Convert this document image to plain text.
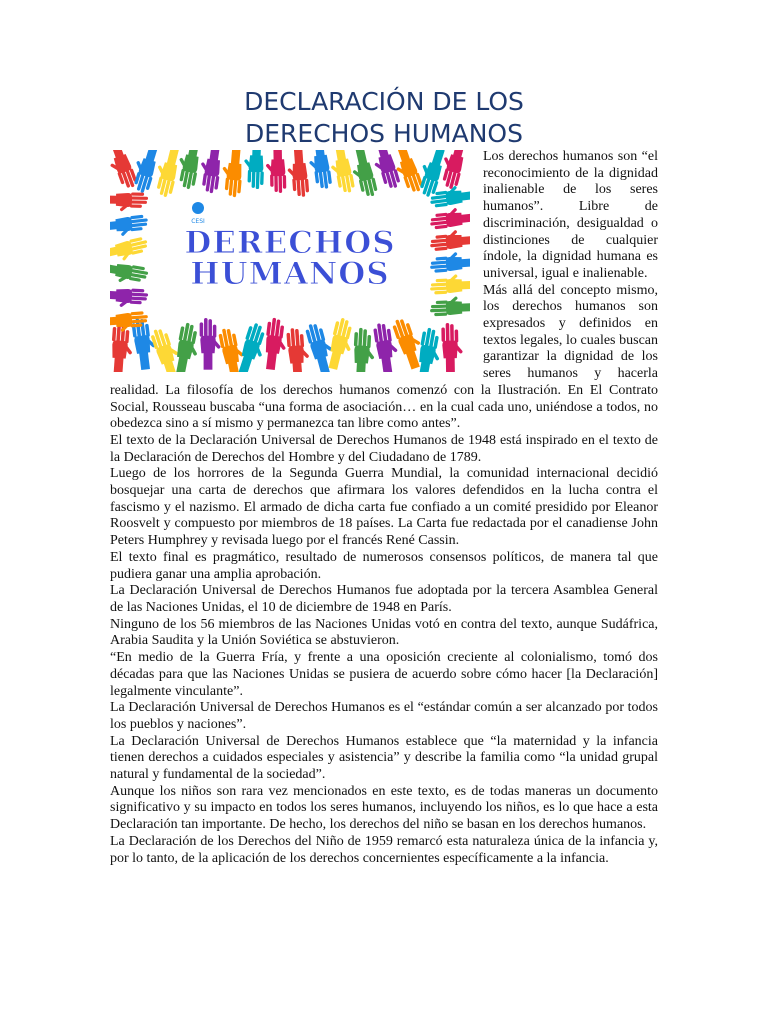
DECLARACIÓN DE LOS
DERECHOS HUMANOS
CESI
DERECHOS
HUMANOS

Los derechos humanos son “el reconocimiento de la dignidad inalienable de los seres humanos”. Libre de discriminación, desigualdad o distinciones de cualquier índole, la dignidad humana es universal, igual e inalienable.

Más allá del concepto mismo, los derechos humanos son expresados y definidos en textos legales, lo cuales buscan garantizar la dignidad de los seres humanos y hacerla realidad. La filosofía de los derechos humanos comenzó con la Ilustración. En El Contrato Social, Rousseau buscaba “una forma de asociación… en la cual cada uno, uniéndose a todos, no obedezca sino a sí mismo y permanezca tan libre como antes”.

El texto de la Declaración Universal de Derechos Humanos de 1948 está inspirado en el texto de la Declaración de Derechos del Hombre y del Ciudadano de 1789.

Luego de los horrores de la Segunda Guerra Mundial, la comunidad internacional decidió bosquejar una carta de derechos que afirmara los valores defendidos en la lucha contra el fascismo y el nazismo. El armado de dicha carta fue confiado a un comité presidido por Eleanor Roosvelt y compuesto por miembros de 18 países. La Carta fue redactada por el canadiense John Peters Humphrey y revisada luego por el francés René Cassin.

El texto final es pragmático, resultado de numerosos consensos políticos, de manera tal que pudiera ganar una amplia aprobación.

La Declaración Universal de Derechos Humanos fue adoptada por la tercera Asamblea General de las Naciones Unidas, el 10 de diciembre de 1948 en París.

Ninguno de los 56 miembros de las Naciones Unidas votó en contra del texto, aunque Sudáfrica, Arabia Saudita y la Unión Soviética se abstuvieron.

“En medio de la Guerra Fría, y frente a una oposición creciente al colonialismo, tomó dos décadas para que las Naciones Unidas se pusiera de acuerdo sobre cómo hacer [la Declaración] legalmente vinculante”.

La Declaración Universal de Derechos Humanos es el “estándar común a ser alcanzado por todos los pueblos y naciones”.

La Declaración Universal de Derechos Humanos establece que “la maternidad y la infancia tienen derechos a cuidados especiales y asistencia” y describe la familia como “la unidad grupal natural y fundamental de la sociedad”.

Aunque los niños son rara vez mencionados en este texto, es de todas maneras un documento significativo y su impacto en todos los seres humanos, incluyendo los niños, es lo que hace a esta Declaración tan importante. De hecho, los derechos del niño se basan en los derechos humanos.

La Declaración de los Derechos del Niño de 1959 remarcó esta naturaleza única de la infancia y, por lo tanto, de la aplicación de los derechos concernientes específicamente a la infancia.
